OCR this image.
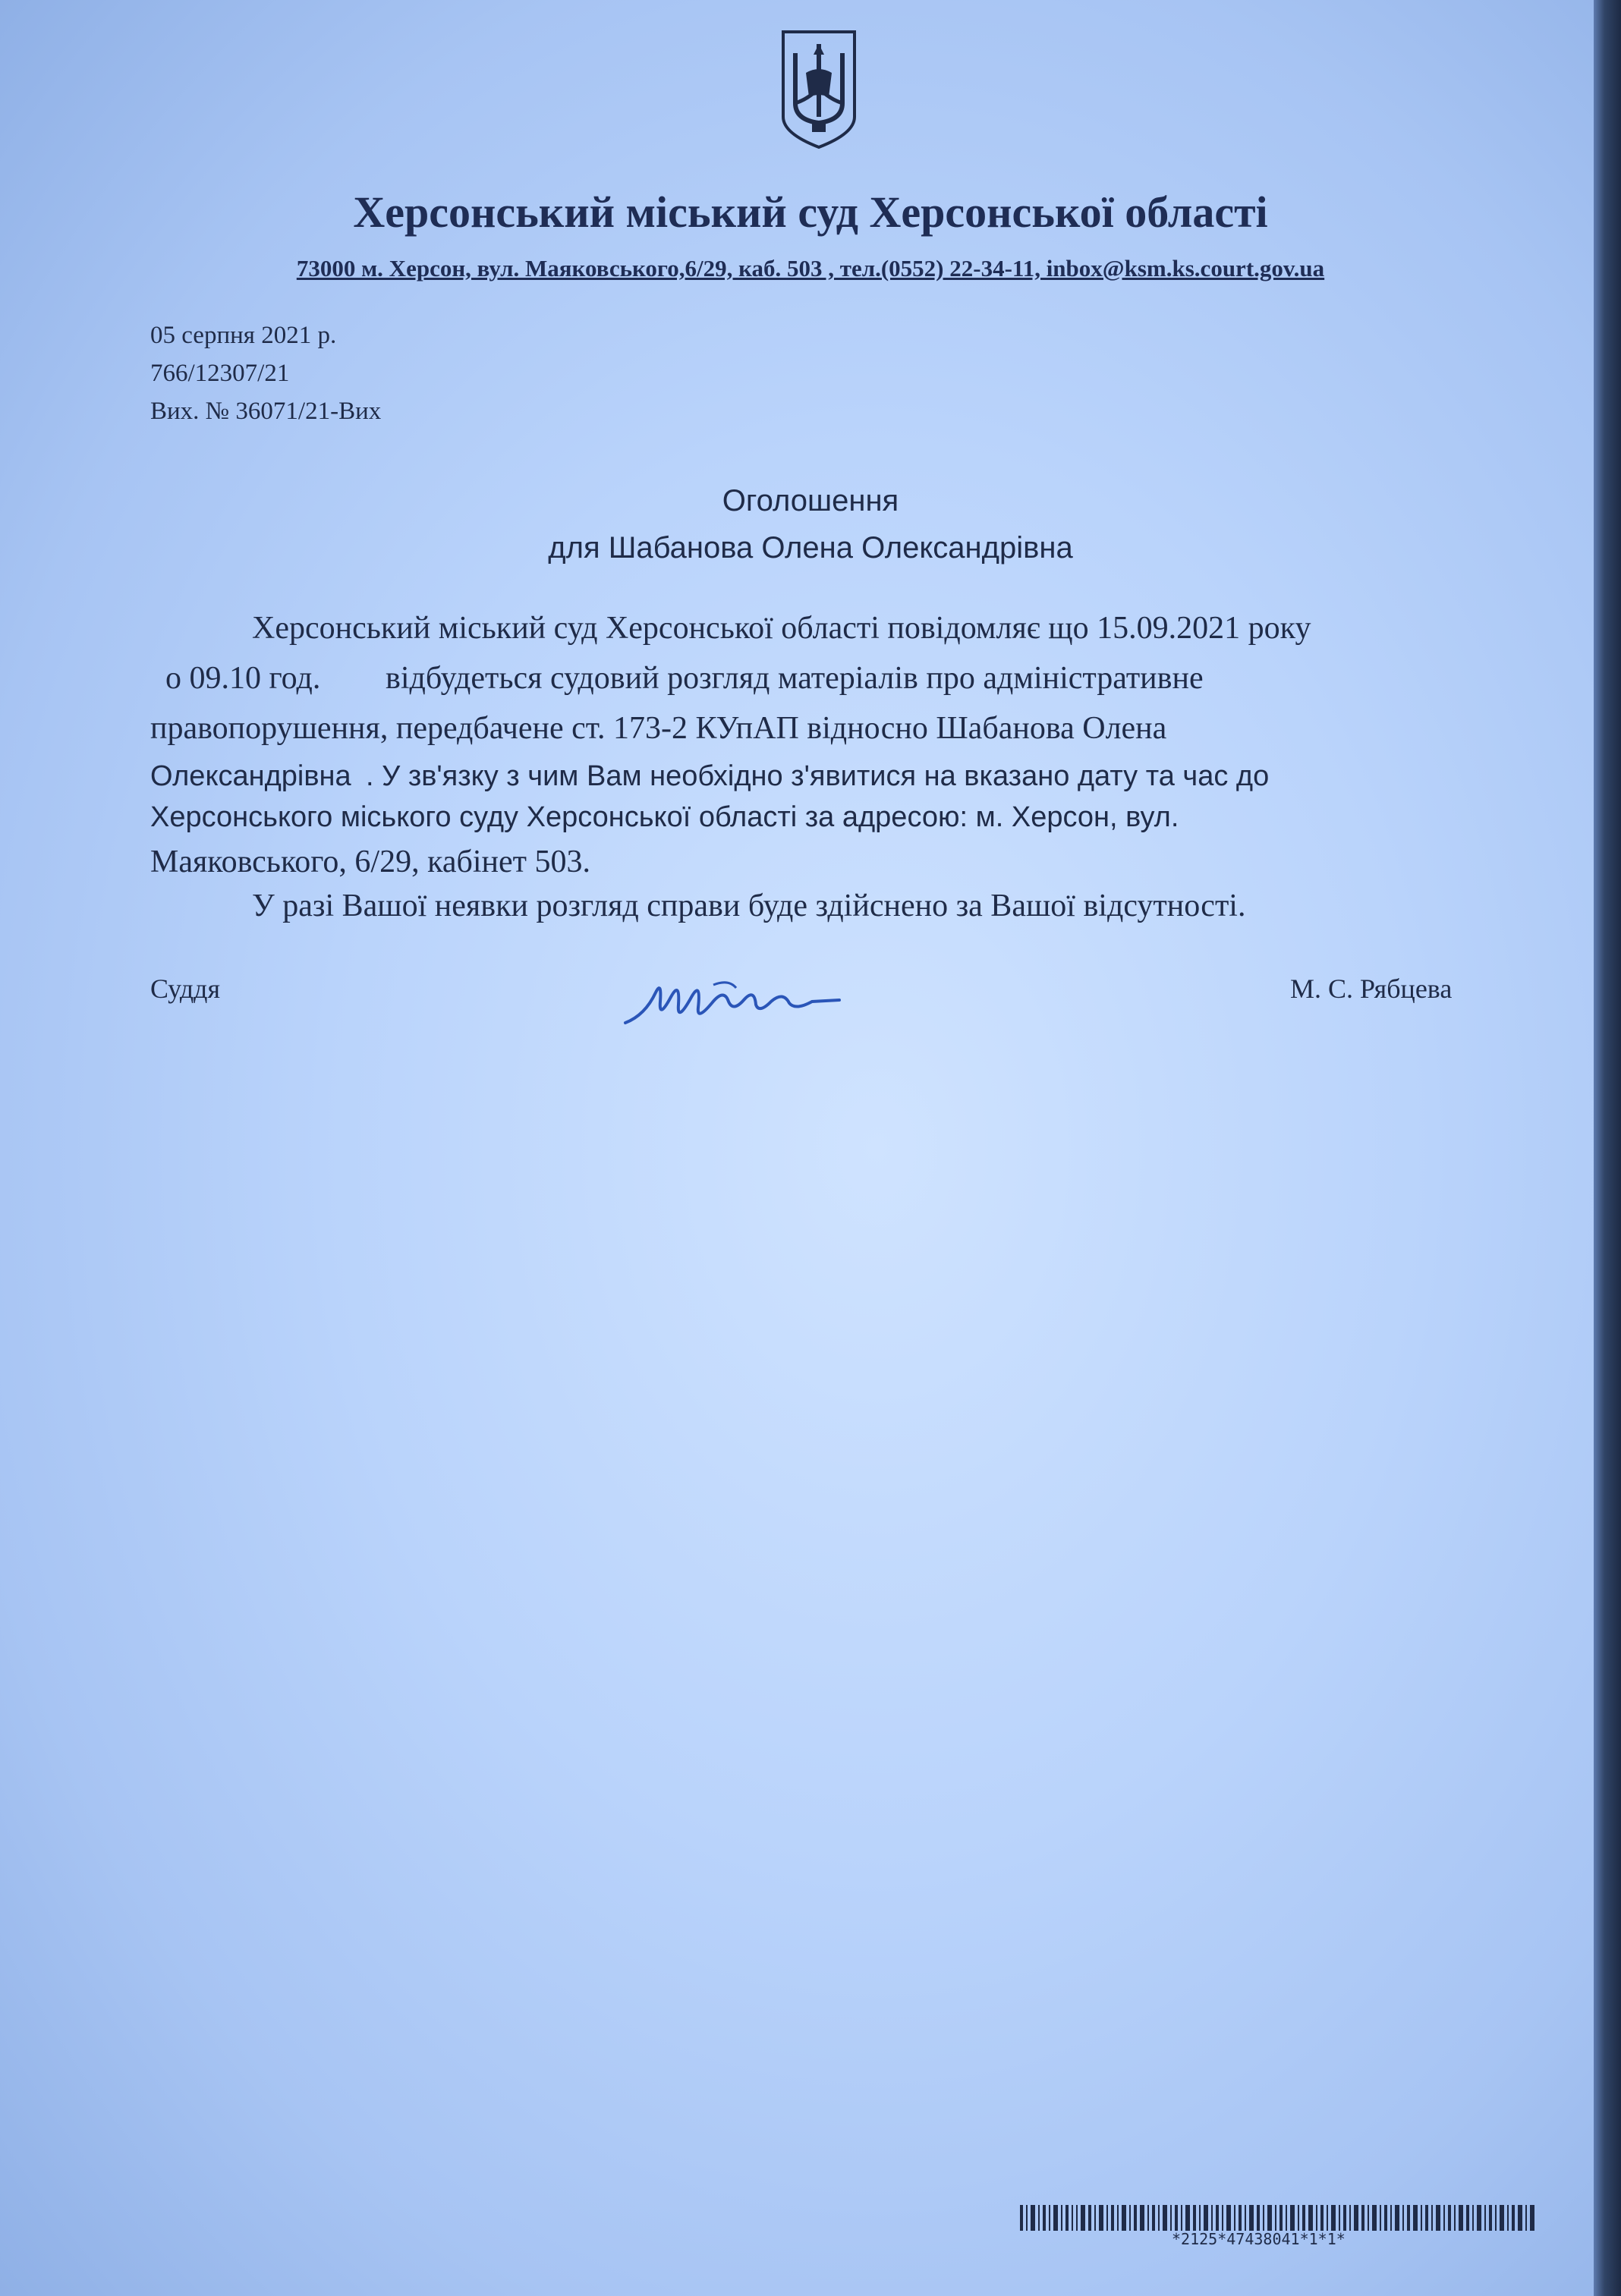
Херсонський міський суд Херсонської області
73000 м. Херсон, вул. Маяковського,6/29, каб. 503 , тел.(0552) 22-34-11, inbox@ksm.ks.court.gov.ua
05 серпня 2021 р.
766/12307/21
Вих. № 36071/21-Вих
Оголошення
для Шабанова Олена Олександрівна
Херсонський міський суд Херсонської області повідомляє що 15.09.2021 року
о 09.10 год. відбудеться судовий розгляд матеріалів про адміністративне
правопорушення, передбачене ст. 173-2 КУпАП відносно Шабанова Олена
Олександрівна . У зв'язку з чим Вам необхідно з'явитися на вказано дату та час до
Херсонського міського суду Херсонської області за адресою: м. Херсон, вул.
Маяковського, 6/29, кабінет 503.
У разі Вашої неявки розгляд справи буде здійснено за Вашої відсутності.
Суддя	М. С. Рябцева
*2125*47438041*1*1*
